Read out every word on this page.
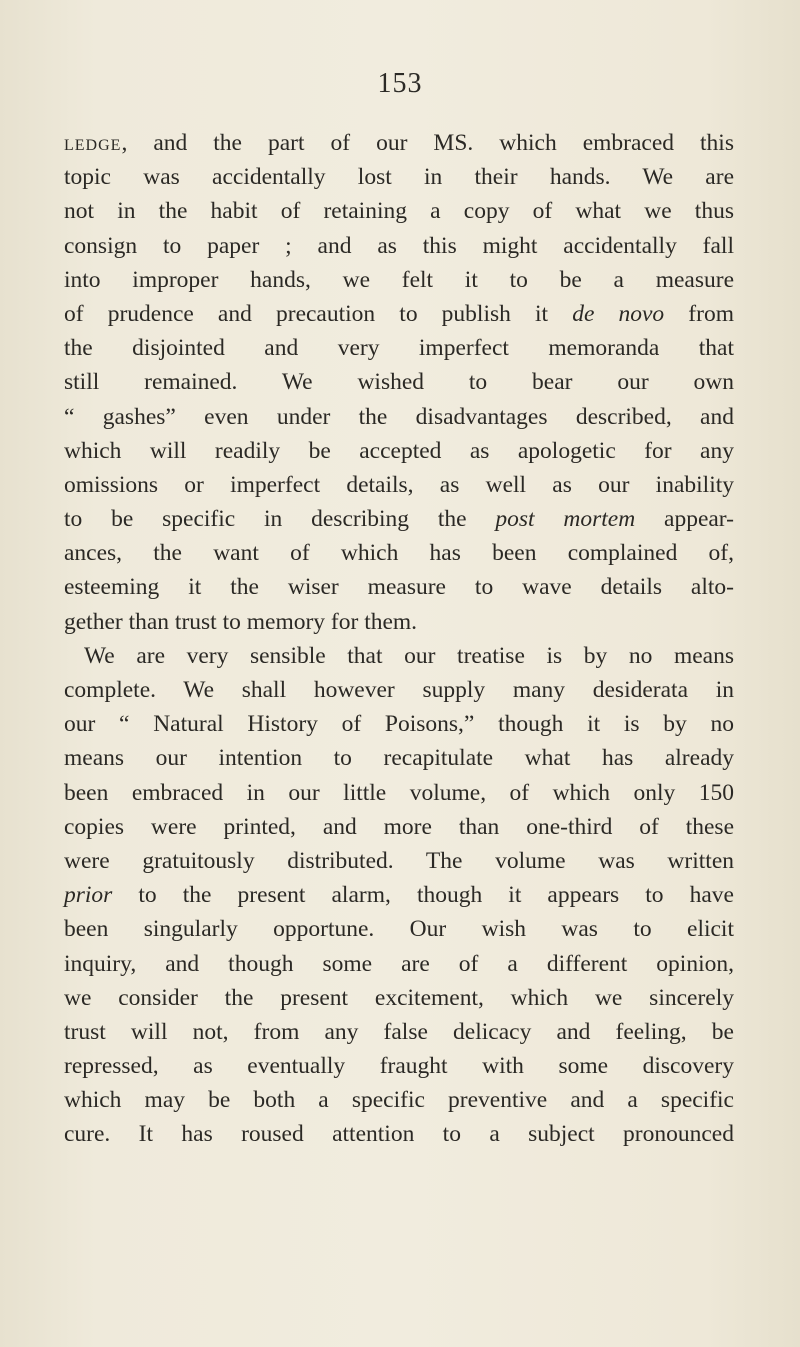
153
ledge, and the part of our MS. which embraced this
topic was accidentally lost in their hands. We are
not in the habit of retaining a copy of what we thus
consign to paper ; and as this might accidentally fall
into improper hands, we felt it to be a measure
of prudence and precaution to publish it de novo from
the disjointed and very imperfect memoranda that
still remained. We wished to bear our own
“ gashes” even under the disadvantages described, and
which will readily be accepted as apologetic for any
omissions or imperfect details, as well as our inability
to be specific in describing the post mortem appear-
ances, the want of which has been complained of,
esteeming it the wiser measure to wave details alto-
gether than trust to memory for them.
We are very sensible that our treatise is by no means
complete. We shall however supply many desiderata in
our “ Natural History of Poisons,” though it is by no
means our intention to recapitulate what has already
been embraced in our little volume, of which only 150
copies were printed, and more than one-third of these
were gratuitously distributed. The volume was written
prior to the present alarm, though it appears to have
been singularly opportune. Our wish was to elicit
inquiry, and though some are of a different opinion,
we consider the present excitement, which we sincerely
trust will not, from any false delicacy and feeling, be
repressed, as eventually fraught with some discovery
which may be both a specific preventive and a specific
cure. It has roused attention to a subject pronounced
